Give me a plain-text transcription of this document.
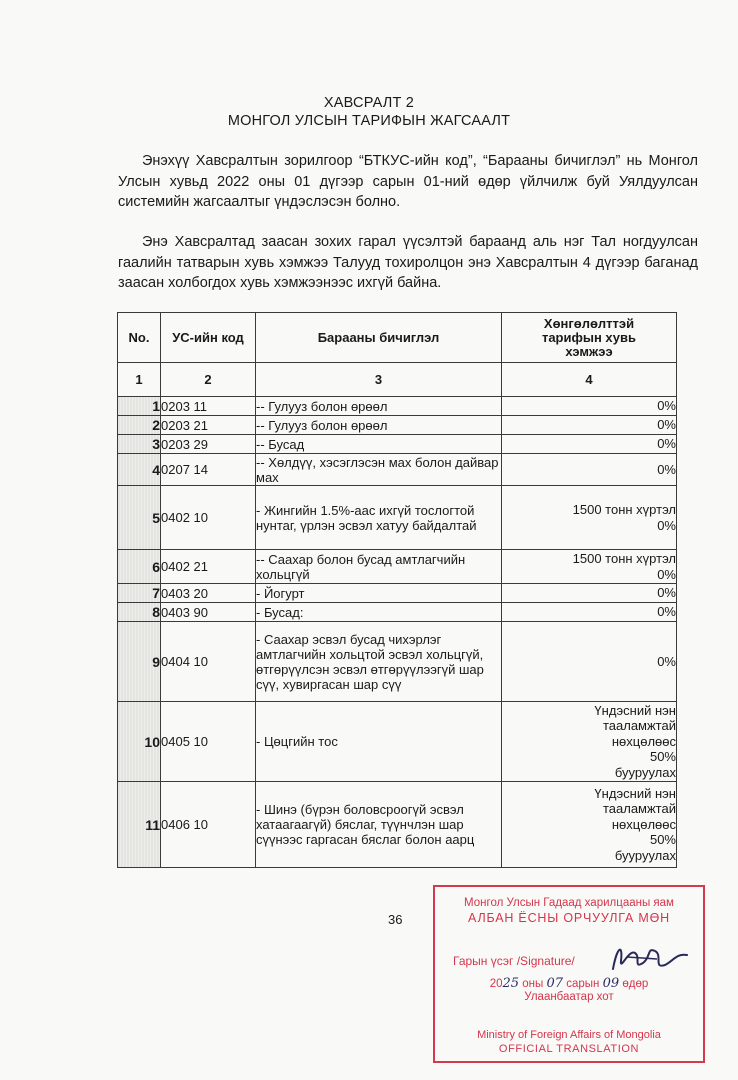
ХАВСРАЛТ 2
МОНГОЛ УЛСЫН ТАРИФЫН ЖАГСААЛТ
Энэхүү Хавсралтын зорилгоор “БТКУС-ийн код”, “Барааны бичиглэл” нь Монгол Улсын хувьд 2022 оны 01 дүгээр сарын 01-ний өдөр үйлчилж буй Уялдуулсан системийн жагсаалтыг үндэслэсэн болно.
Энэ Хавсралтад заасан зохих гарал үүсэлтэй бараанд аль нэг Тал ногдуулсан гаалийн татварын хувь хэмжээ Талууд тохиролцон энэ Хавсралтын 4 дүгээр баганад заасан холбогдох хувь хэмжээнээс ихгүй байна.
No.	УС-ийн код	Барааны бичиглэл	Хөнгөлөлттэй тарифын хувь хэмжээ
1	2	3	4
1	0203 11	-- Гулууз болон өрөөл	0%
2	0203 21	-- Гулууз болон өрөөл	0%
3	0203 29	-- Бусад	0%
4	0207 14	-- Хөлдүү, хэсэглэсэн мах болон дайвар мах	0%
5	0402 10	- Жингийн 1.5%-аас ихгүй тослогтой нунтаг, үрлэн эсвэл хатуу байдалтай	1500 тонн хүртэл 0%
6	0402 21	-- Саахар болон бусад амтлагчийн хольцгүй	1500 тонн хүртэл 0%
7	0403 20	- Йогурт	0%
8	0403 90	- Бусад:	0%
9	0404 10	- Саахар эсвэл бусад чихэрлэг амтлагчийн хольцтой эсвэл хольцгүй, өтгөрүүлсэн эсвэл өтгөрүүлээгүй шар сүү, хувиргасан шар сүү	0%
10	0405 10	- Цөцгийн тос	Үндэсний нэн тааламжтай нөхцөлөөс 50% бууруулах
11	0406 10	- Шинэ (бүрэн боловсроогүй эсвэл хатаагаагүй) бяслаг, түүнчлэн шар сүүнээс гаргасан бяслаг болон аарц	Үндэсний нэн тааламжтай нөхцөлөөс 50% бууруулах
36
Монгол Улсын Гадаад харилцааны яам
АЛБАН ЁСНЫ ОРЧУУЛГА МӨН
Гарын үсэг /Signature/
2025 оны 07 сарын 09 өдөр
Улаанбаатар хот
Ministry of Foreign Affairs of Mongolia
OFFICIAL TRANSLATION
